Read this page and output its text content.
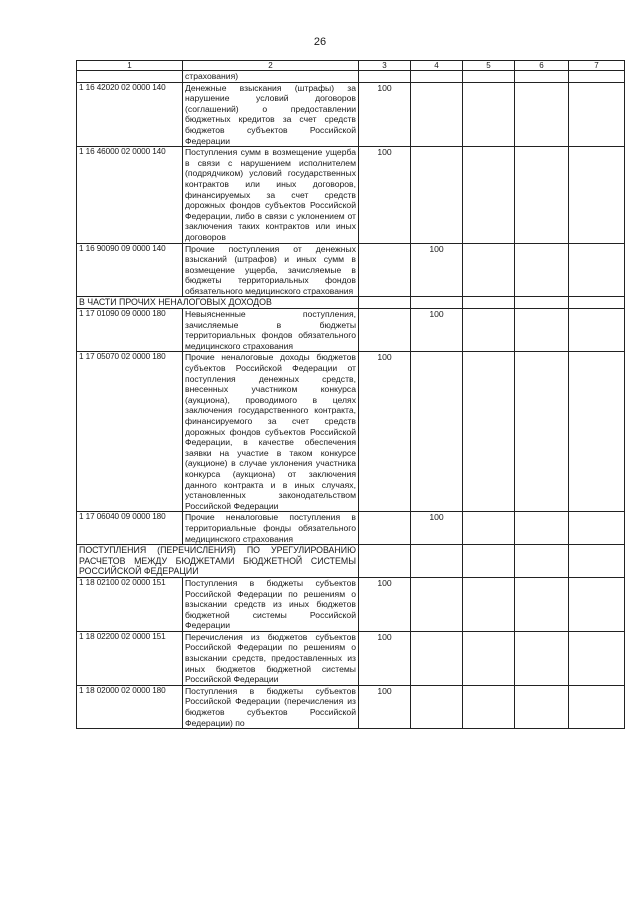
26
1	2	3	4	5	6	7
	страхования)					
1 16 42020 02 0000 140	Денежные взыскания (штрафы) за нарушение условий договоров (соглашений) о предоставлении бюджетных кредитов за счет средств бюджетов субъектов Российской Федерации	100				
1 16 46000 02 0000 140	Поступления сумм в возмещение ущерба в связи с нарушением исполнителем (подрядчиком) условий государственных контрактов или иных договоров, финансируемых за счет средств дорожных фондов субъектов Российской Федерации, либо в связи с уклонением от заключения таких контрактов или иных договоров	100				
1 16 90090 09 0000 140	Прочие поступления от денежных взысканий (штрафов) и иных сумм в возмещение ущерба, зачисляемые в бюджеты территориальных фондов обязательного медицинского страхования		100			
В ЧАСТИ ПРОЧИХ НЕНАЛОГОВЫХ ДОХОДОВ						
1 17 01090 09 0000 180	Невыясненные поступления, зачисляемые в бюджеты территориальных фондов обязательного медицинского страхования		100			
1 17 05070 02 0000 180	Прочие неналоговые доходы бюджетов субъектов Российской Федерации от поступления денежных средств, внесенных участником конкурса (аукциона), проводимого в целях заключения государственного контракта, финансируемого за счет средств дорожных фондов субъектов Российской Федерации, в качестве обеспечения заявки на участие в таком конкурсе (аукционе) в случае уклонения участника конкурса (аукциона) от заключения данного контракта и в иных случаях, установленных законодательством Российской Федерации	100				
1 17 06040 09 0000 180	Прочие неналоговые поступления в территориальные фонды обязательного медицинского страхования		100			
ПОСТУПЛЕНИЯ (ПЕРЕЧИСЛЕНИЯ) ПО УРЕГУЛИРОВАНИЮ РАСЧЕТОВ МЕЖДУ БЮДЖЕТАМИ БЮДЖЕТНОЙ СИСТЕМЫ РОССИЙСКОЙ ФЕДЕРАЦИИ						
1 18 02100 02 0000 151	Поступления в бюджеты субъектов Российской Федерации по решениям о взыскании средств из иных бюджетов бюджетной системы Российской Федерации	100				
1 18 02200 02 0000 151	Перечисления из бюджетов субъектов Российской Федерации по решениям о взыскании средств, предоставленных из иных бюджетов бюджетной системы Российской Федерации	100				
1 18 02000 02 0000 180	Поступления в бюджеты субъектов Российской Федерации (перечисления из бюджетов субъектов Российской Федерации) по	100				
